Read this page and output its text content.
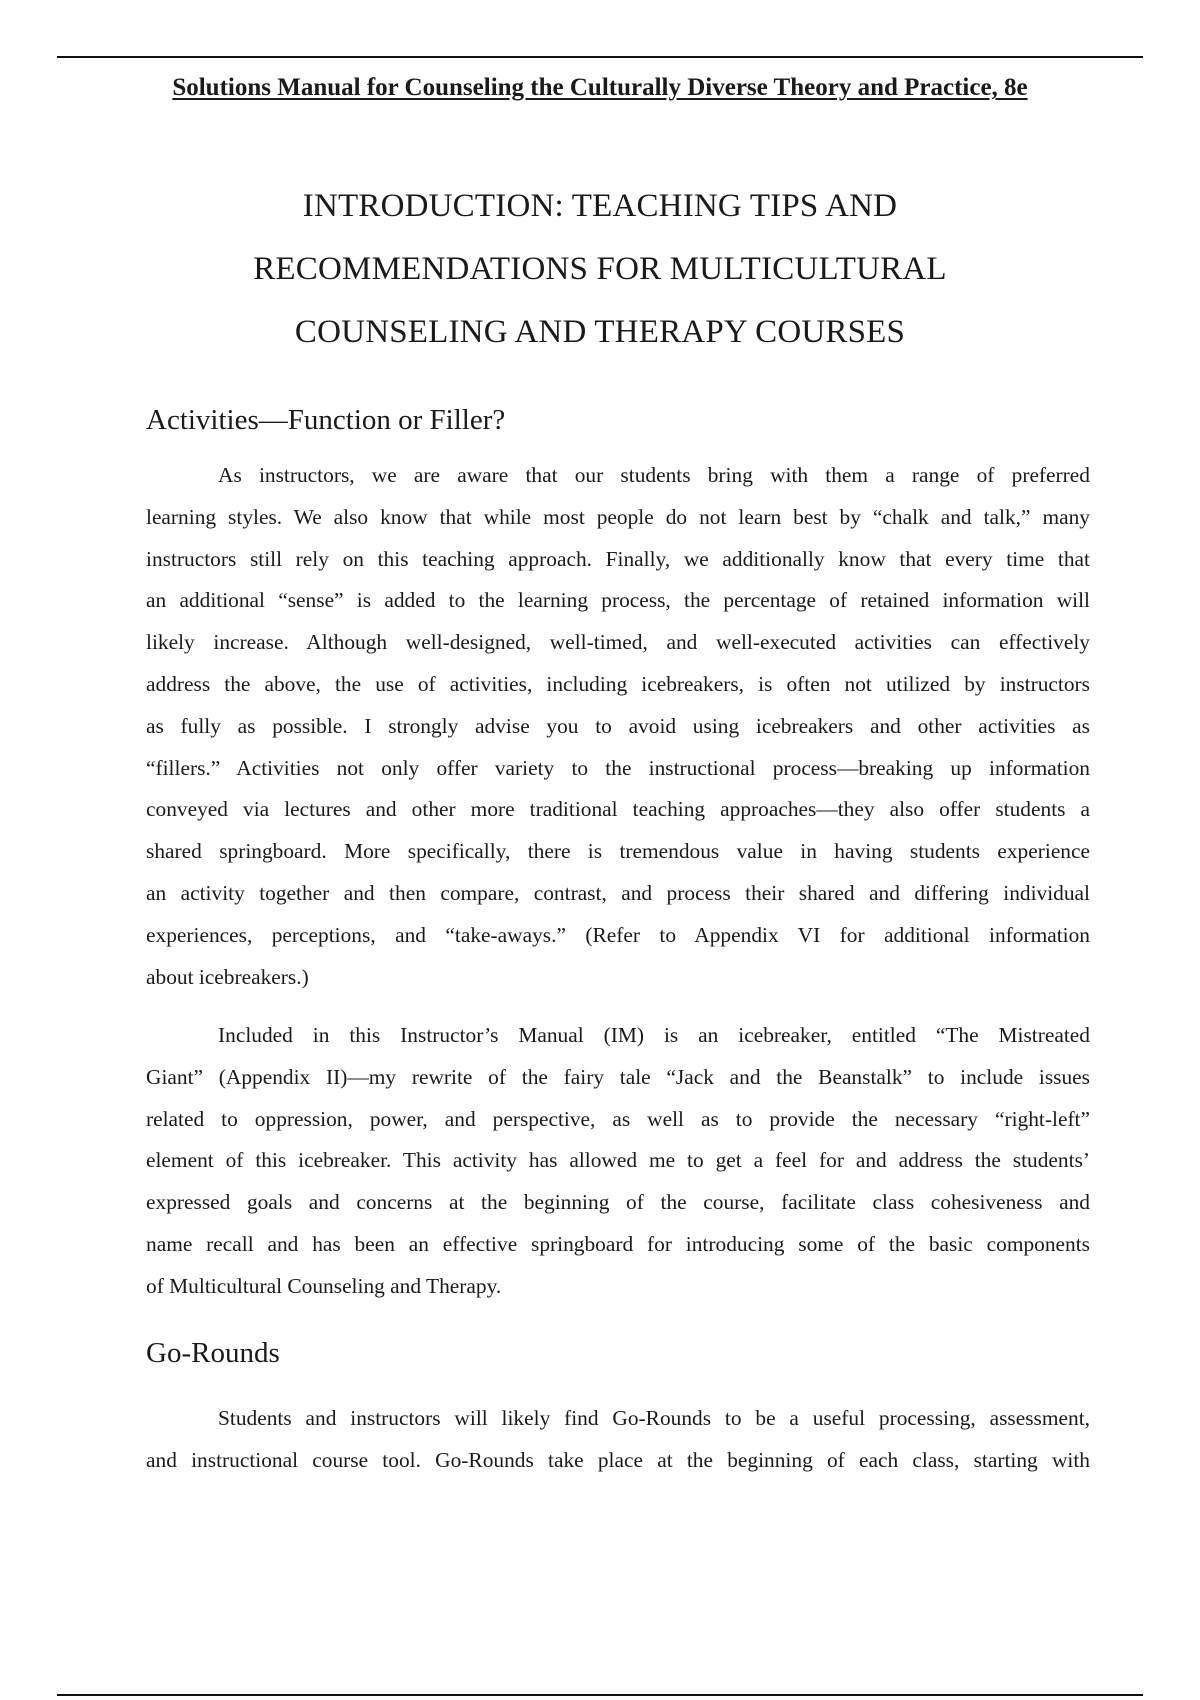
Solutions Manual for Counseling the Culturally Diverse Theory and Practice, 8e
INTRODUCTION: TEACHING TIPS AND
RECOMMENDATIONS FOR MULTICULTURAL
COUNSELING AND THERAPY COURSES
Activities—Function or Filler?
As instructors, we are aware that our students bring with them a range of preferred
learning styles. We also know that while most people do not learn best by “chalk and talk,” many
instructors still rely on this teaching approach. Finally, we additionally know that every time that
an additional “sense” is added to the learning process, the percentage of retained information will
likely increase. Although well-designed, well-timed, and well-executed activities can effectively
address the above, the use of activities, including icebreakers, is often not utilized by instructors
as fully as possible. I strongly advise you to avoid using icebreakers and other activities as
“fillers.” Activities not only offer variety to the instructional process—breaking up information
conveyed via lectures and other more traditional teaching approaches—they also offer students a
shared springboard. More specifically, there is tremendous value in having students experience
an activity together and then compare, contrast, and process their shared and differing individual
experiences, perceptions, and “take-aways.” (Refer to Appendix VI for additional information
about icebreakers.)
Included in this Instructor’s Manual (IM) is an icebreaker, entitled “The Mistreated
Giant” (Appendix II)—my rewrite of the fairy tale “Jack and the Beanstalk” to include issues
related to oppression, power, and perspective, as well as to provide the necessary “right-left”
element of this icebreaker. This activity has allowed me to get a feel for and address the students’
expressed goals and concerns at the beginning of the course, facilitate class cohesiveness and
name recall and has been an effective springboard for introducing some of the basic components
of Multicultural Counseling and Therapy.
Go-Rounds
Students and instructors will likely find Go-Rounds to be a useful processing, assessment,
and instructional course tool. Go-Rounds take place at the beginning of each class, starting with
